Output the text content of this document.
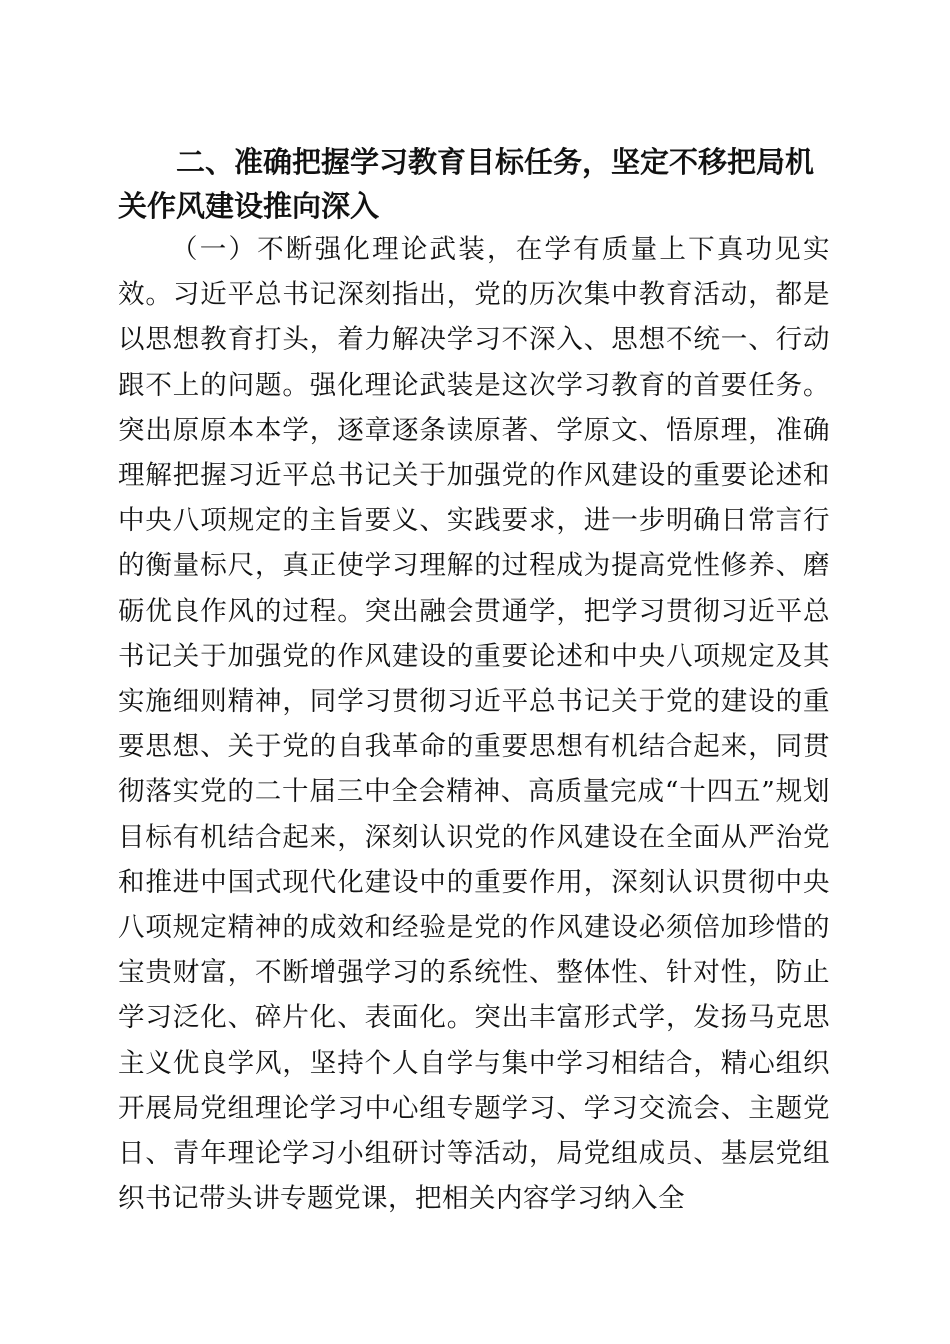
二、准确把握学习教育目标任务，坚定不移把局机关作风建设推向深入

（一）不断强化理论武装，在学有质量上下真功见实效。习近平总书记深刻指出，党的历次集中教育活动，都是以思想教育打头，着力解决学习不深入、思想不统一、行动跟不上的问题。强化理论武装是这次学习教育的首要任务。突出原原本本学，逐章逐条读原著、学原文、悟原理，准确理解把握习近平总书记关于加强党的作风建设的重要论述和中央八项规定的主旨要义、实践要求，进一步明确日常言行的衡量标尺，真正使学习理解的过程成为提高党性修养、磨砺优良作风的过程。突出融会贯通学，把学习贯彻习近平总书记关于加强党的作风建设的重要论述和中央八项规定及其实施细则精神，同学习贯彻习近平总书记关于党的建设的重要思想、关于党的自我革命的重要思想有机结合起来，同贯彻落实党的二十届三中全会精神、高质量完成“十四五”规划目标有机结合起来，深刻认识党的作风建设在全面从严治党和推进中国式现代化建设中的重要作用，深刻认识贯彻中央八项规定精神的成效和经验是党的作风建设必须倍加珍惜的宝贵财富，不断增强学习的系统性、整体性、针对性，防止学习泛化、碎片化、表面化。突出丰富形式学，发扬马克思主义优良学风，坚持个人自学与集中学习相结合，精心组织开展局党组理论学习中心组专题学习、学习交流会、主题党日、青年理论学习小组研讨等活动，局党组成员、基层党组织书记带头讲专题党课，把相关内容学习纳入全
